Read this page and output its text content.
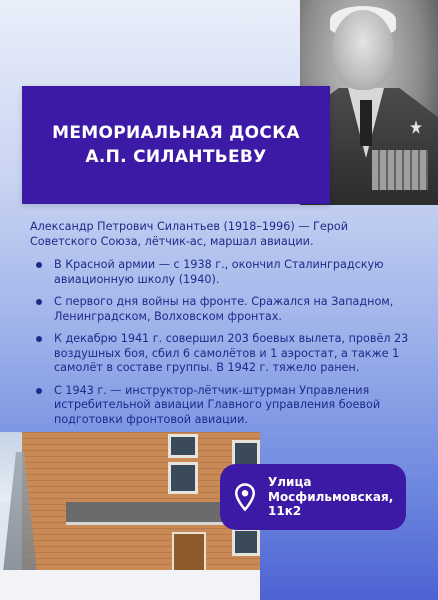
МЕМОРИАЛЬНАЯ ДОСКА
А.П. СИЛАНТЬЕВУ
Александр Петрович Силантьев (1918–1996) — Герой Советского Союза, лётчик-ас, маршал авиации.
В Красной армии — с 1938 г., окончил Сталинградскую авиационную школу (1940).
С первого дня войны на фронте. Сражался на Западном, Ленинградском, Волховском фронтах.
К декабрю 1941 г. совершил 203 боевых вылета, провёл 23 воздушных боя, сбил 6 самолётов и 1 аэростат, а также 1 самолёт в составе группы. В 1942 г. тяжело ранен.
С 1943 г. — инструктор-лётчик-штурман Управления истребительной авиации Главного управления боевой подготовки фронтовой авиации.
Улица
Мосфильмовская,
11к2
